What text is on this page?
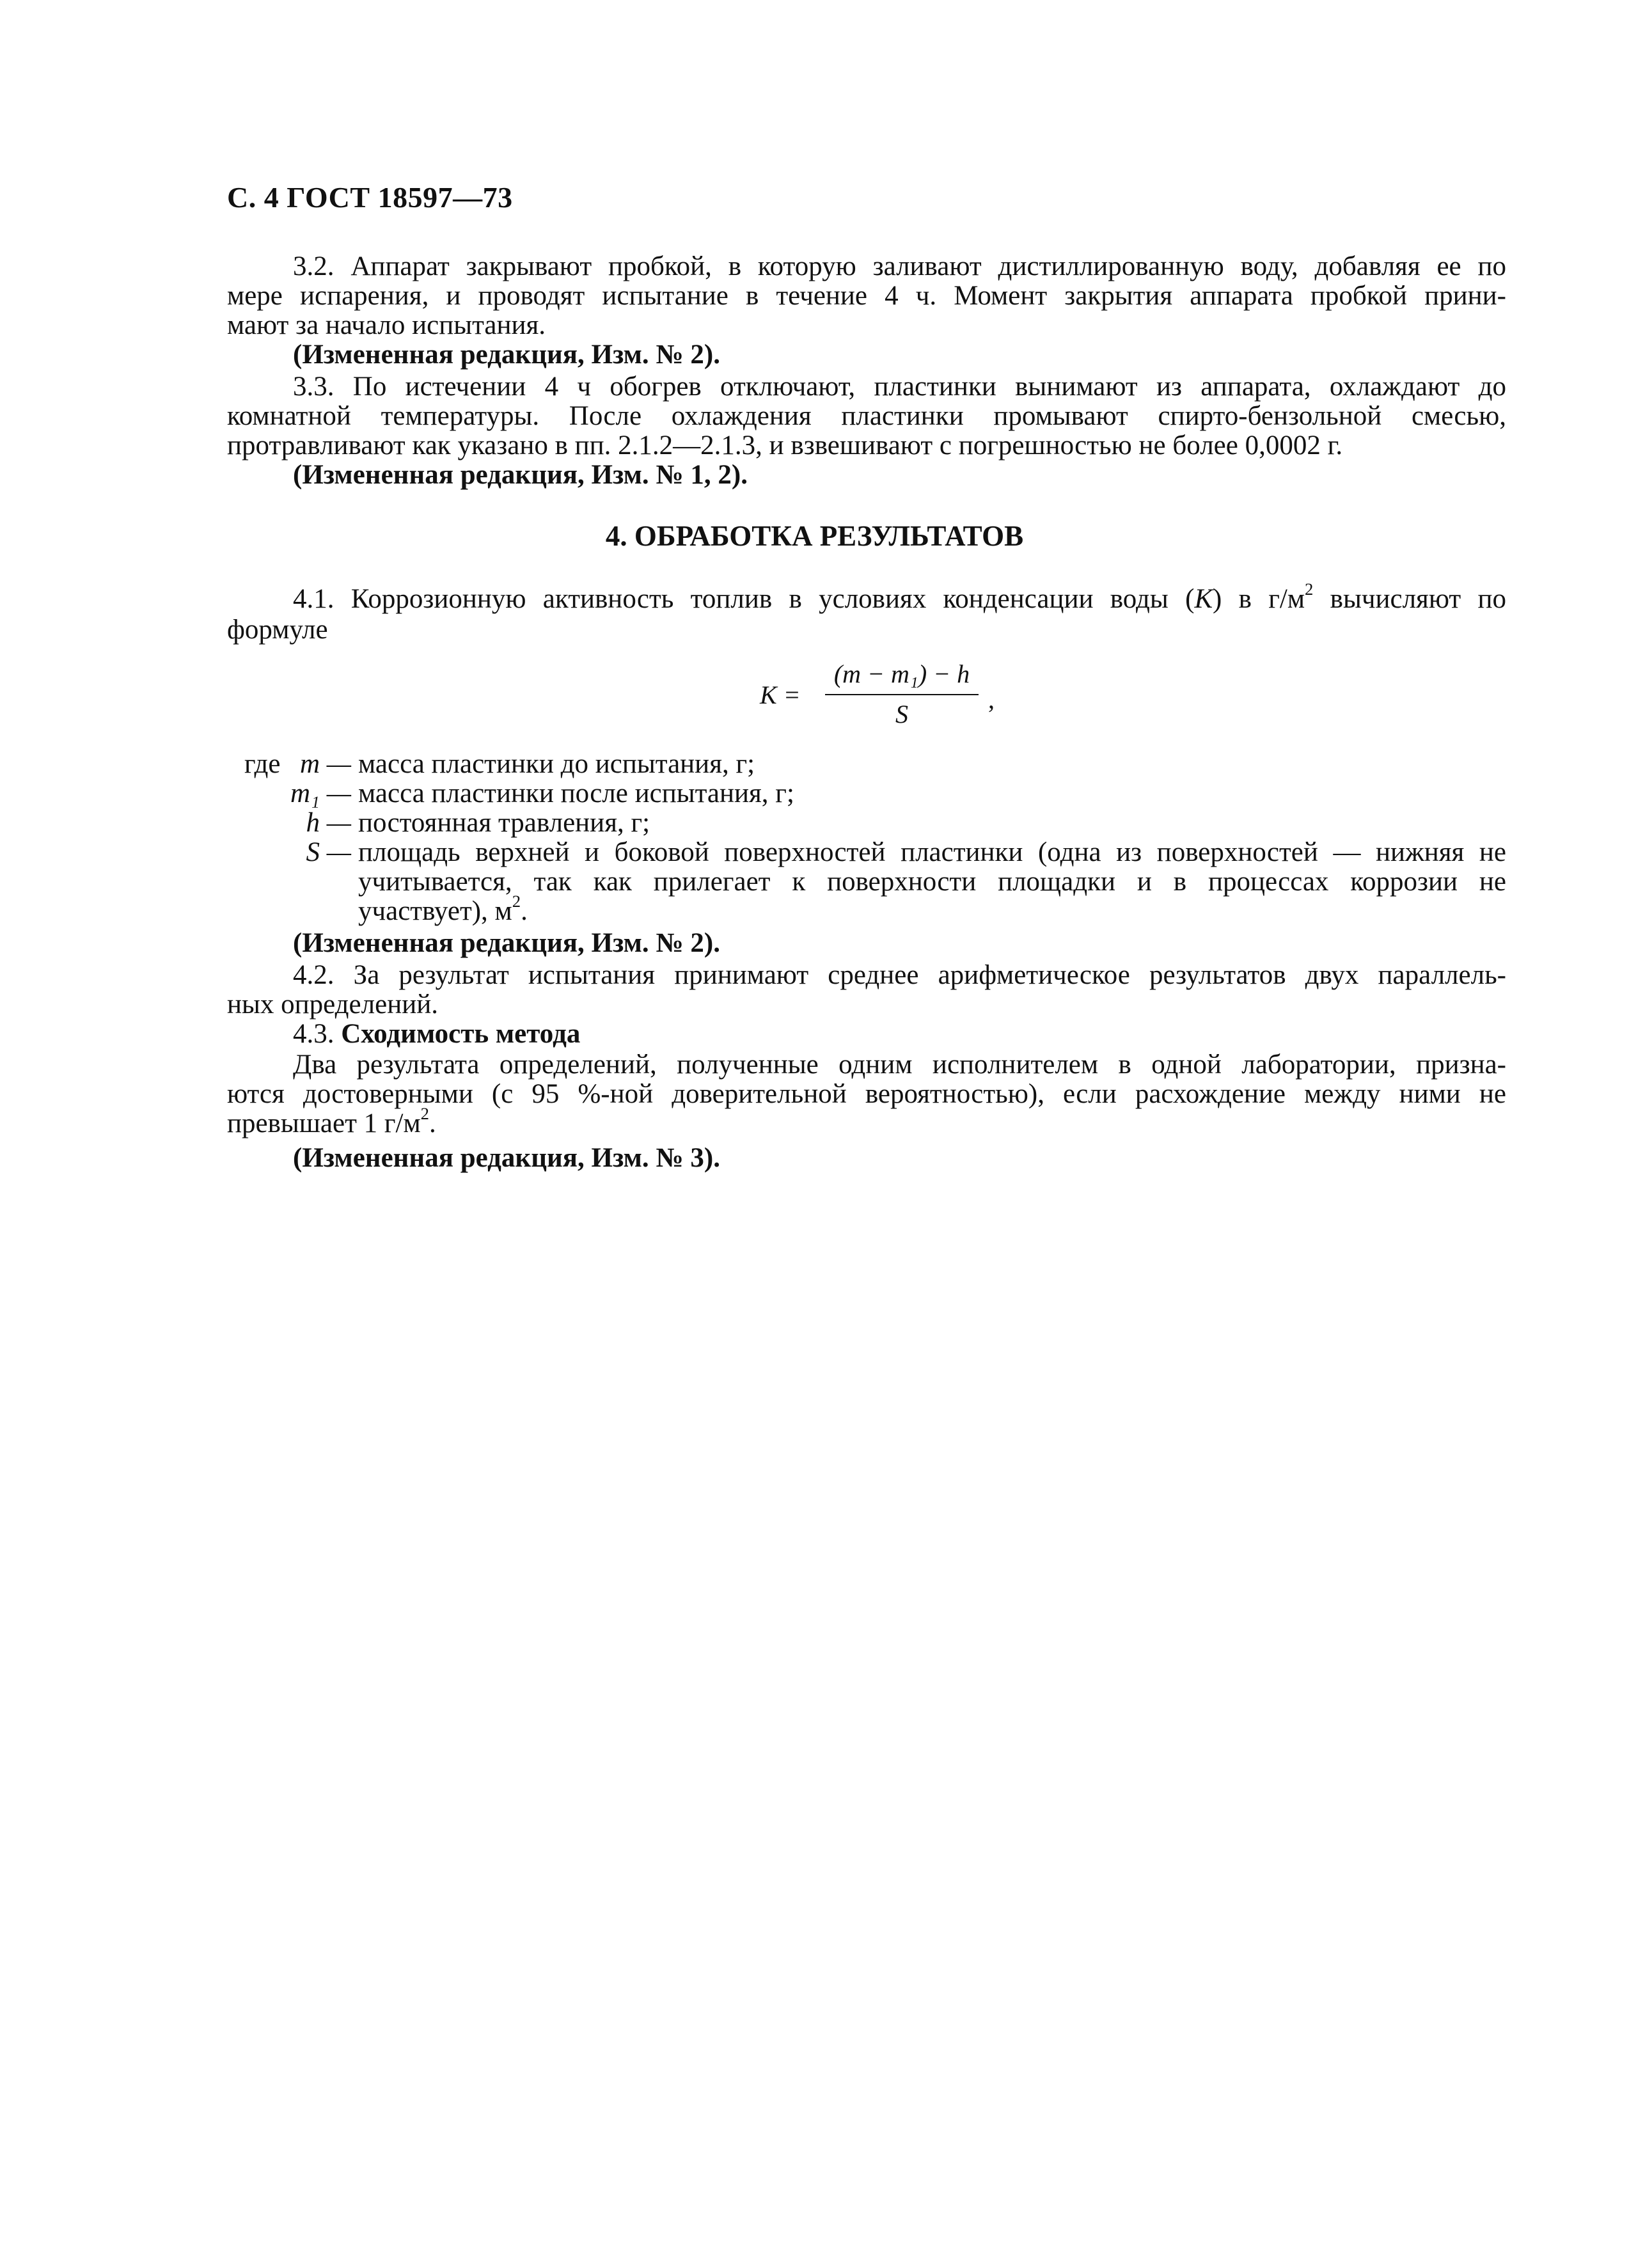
С. 4 ГОСТ 18597—73
3.2. Аппарат закрывают пробкой, в которую заливают дистиллированную воду, добавляя ее по
мере испарения, и проводят испытание в течение 4 ч. Момент закрытия аппарата пробкой прини-
мают за начало испытания.
(Измененная редакция, Изм. № 2).
3.3. По истечении 4 ч обогрев отключают, пластинки вынимают из аппарата, охлаждают до
комнатной температуры. После охлаждения пластинки промывают спирто-бензольной смесью,
протравливают как указано в пп. 2.1.2—2.1.3, и взвешивают с погрешностью не более 0,0002 г.
(Измененная редакция, Изм. № 1, 2).
4. ОБРАБОТКА РЕЗУЛЬТАТОВ
4.1. Коррозионную активность топлив в условиях конденсации воды (К) в $г/м^2$ вычисляют по
формуле
К =
(m − m₁) − h
S
,
где m — масса пластинки до испытания, г;
m₁ — масса пластинки после испытания, г;
h — постоянная травления, г;
S — площадь верхней и боковой поверхностей пластинки (одна из поверхностей — нижняя не
учитывается, так как прилегает к поверхности площадки и в процессах коррозии не
участвует), $м^2$.
(Измененная редакция, Изм. № 2).
4.2. За результат испытания принимают среднее арифметическое результатов двух параллель-
ных определений.
4.3. Сходимость метода
Два результата определений, полученные одним исполнителем в одной лаборатории, призна-
ются достоверными (с 95 %-ной доверительной вероятностью), если расхождение между ними не
превышает 1 $г/м^2$.
(Измененная редакция, Изм. № 3).
